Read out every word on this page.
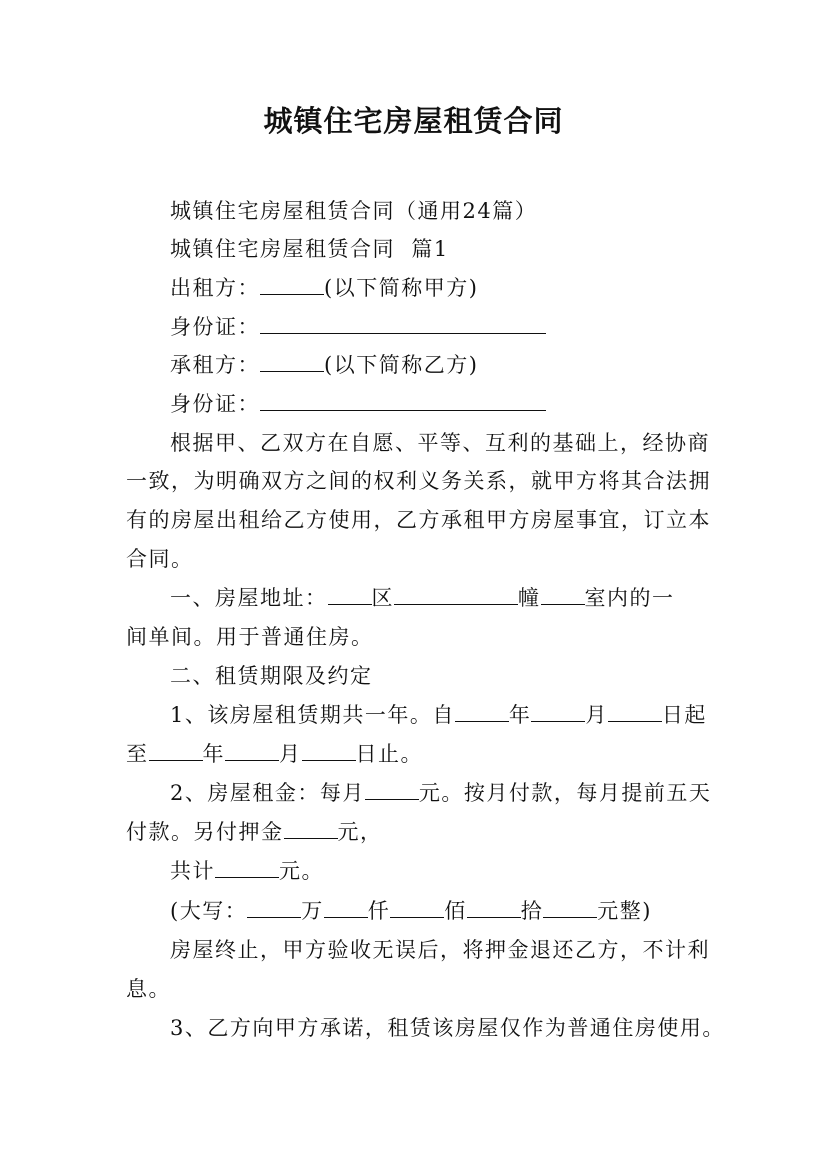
城镇住宅房屋租赁合同

城镇住宅房屋租赁合同（通用24篇）

城镇住宅房屋租赁合同  篇1

出租方：	(以下简称甲方)

身份证：

承租方：	(以下简称乙方)

身份证：

根据甲、乙双方在自愿、平等、互利的基础上，经协商

一致，为明确双方之间的权利义务关系，就甲方将其合法拥

有的房屋出租给乙方使用，乙方承租甲方房屋事宜，订立本

合同。

一、房屋地址： 区	幢 室内的一

间单间。用于普通住房。

二、租赁期限及约定

1、该房屋租赁期共一年。自	年	月	日起

至	年	月	日止。

2、房屋租金：每月	元。按月付款，每月提前五天

付款。另付押金	元，

共计	元。

(大写：	万 仟	佰	拾	元整)

房屋终止，甲方验收无误后，将押金退还乙方，不计利

息。

3、乙方向甲方承诺，租赁该房屋仅作为普通住房使用。
